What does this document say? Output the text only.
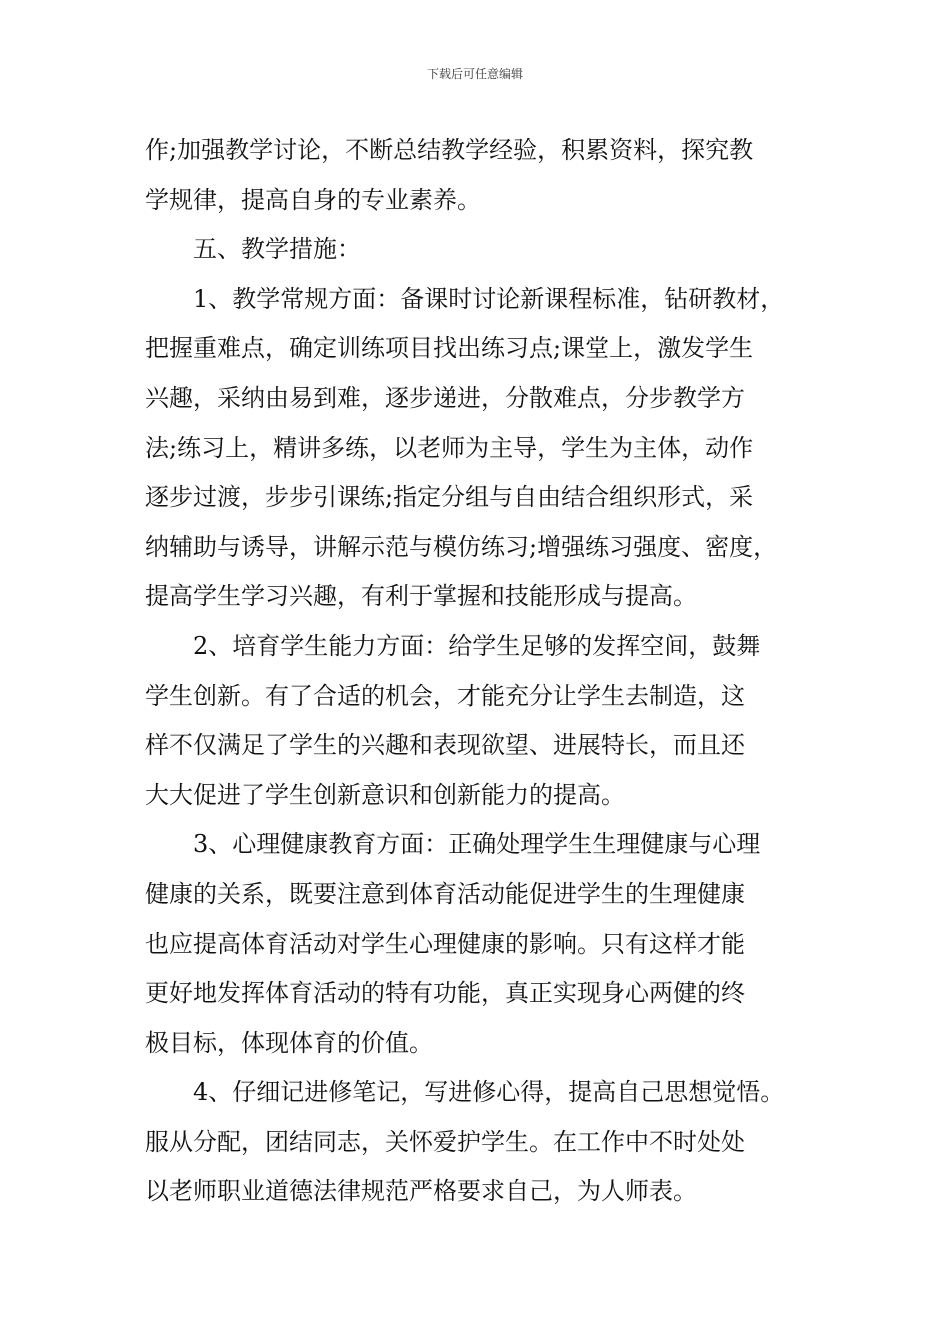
下载后可任意编辑
作;加强教学讨论，不断总结教学经验，积累资料，探究教
学规律，提高自身的专业素养。
五、教学措施：
1、教学常规方面：备课时讨论新课程标准，钻研教材，
把握重难点，确定训练项目找出练习点;课堂上，激发学生
兴趣，采纳由易到难，逐步递进，分散难点，分步教学方
法;练习上，精讲多练，以老师为主导，学生为主体，动作
逐步过渡，步步引课练;指定分组与自由结合组织形式，采
纳辅助与诱导，讲解示范与模仿练习;增强练习强度、密度，
提高学生学习兴趣，有利于掌握和技能形成与提高。
2、培育学生能力方面：给学生足够的发挥空间，鼓舞
学生创新。有了合适的机会，才能充分让学生去制造，这
样不仅满足了学生的兴趣和表现欲望、进展特长，而且还
大大促进了学生创新意识和创新能力的提高。
3、心理健康教育方面：正确处理学生生理健康与心理
健康的关系，既要注意到体育活动能促进学生的生理健康
也应提高体育活动对学生心理健康的影响。只有这样才能
更好地发挥体育活动的特有功能，真正实现身心两健的终
极目标，体现体育的价值。
4、仔细记进修笔记，写进修心得，提高自己思想觉悟。
服从分配，团结同志，关怀爱护学生。在工作中不时处处
以老师职业道德法律规范严格要求自己，为人师表。
